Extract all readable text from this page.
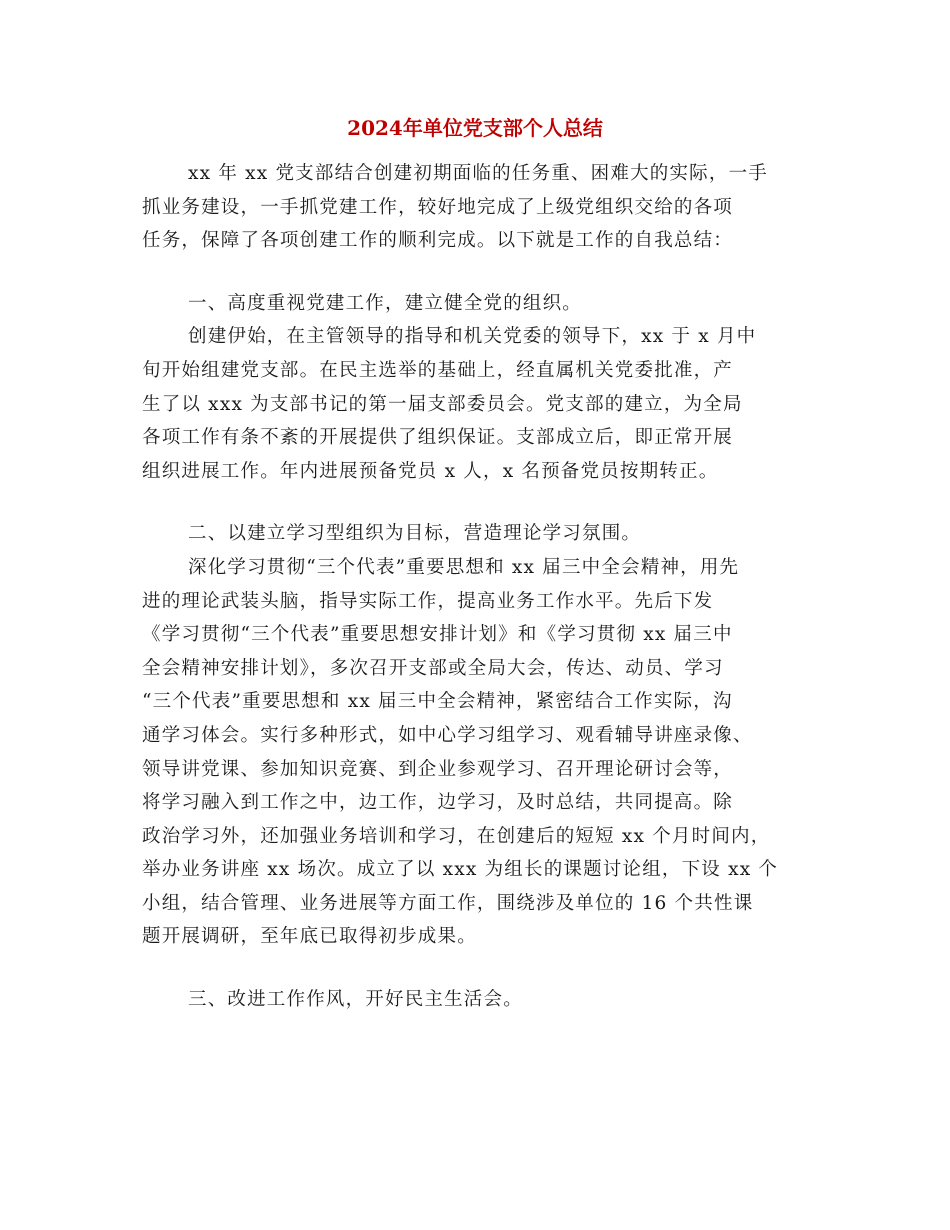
2024年单位党支部个人总结
xx 年 xx 党支部结合创建初期面临的任务重、困难大的实际，一手
抓业务建设，一手抓党建工作，较好地完成了上级党组织交给的各项
任务，保障了各项创建工作的顺利完成。以下就是工作的自我总结：
一、高度重视党建工作，建立健全党的组织。
创建伊始，在主管领导的指导和机关党委的领导下，xx 于 x 月中
旬开始组建党支部。在民主选举的基础上，经直属机关党委批准，产
生了以 xxx 为支部书记的第一届支部委员会。党支部的建立，为全局
各项工作有条不紊的开展提供了组织保证。支部成立后，即正常开展
组织进展工作。年内进展预备党员 x 人，x 名预备党员按期转正。
二、以建立学习型组织为目标，营造理论学习氛围。
深化学习贯彻“三个代表”重要思想和 xx 届三中全会精神，用先
进的理论武装头脑，指导实际工作，提高业务工作水平。先后下发
《学习贯彻“三个代表”重要思想安排计划》和《学习贯彻 xx 届三中
全会精神安排计划》，多次召开支部或全局大会，传达、动员、学习
“三个代表”重要思想和 xx 届三中全会精神，紧密结合工作实际，沟
通学习体会。实行多种形式，如中心学习组学习、观看辅导讲座录像、
领导讲党课、参加知识竞赛、到企业参观学习、召开理论研讨会等，
将学习融入到工作之中，边工作，边学习，及时总结，共同提高。除
政治学习外，还加强业务培训和学习，在创建后的短短 xx 个月时间内，
举办业务讲座 xx 场次。成立了以 xxx 为组长的课题讨论组，下设 xx 个
小组，结合管理、业务进展等方面工作，围绕涉及单位的 16 个共性课
题开展调研，至年底已取得初步成果。
三、改进工作作风，开好民主生活会。
